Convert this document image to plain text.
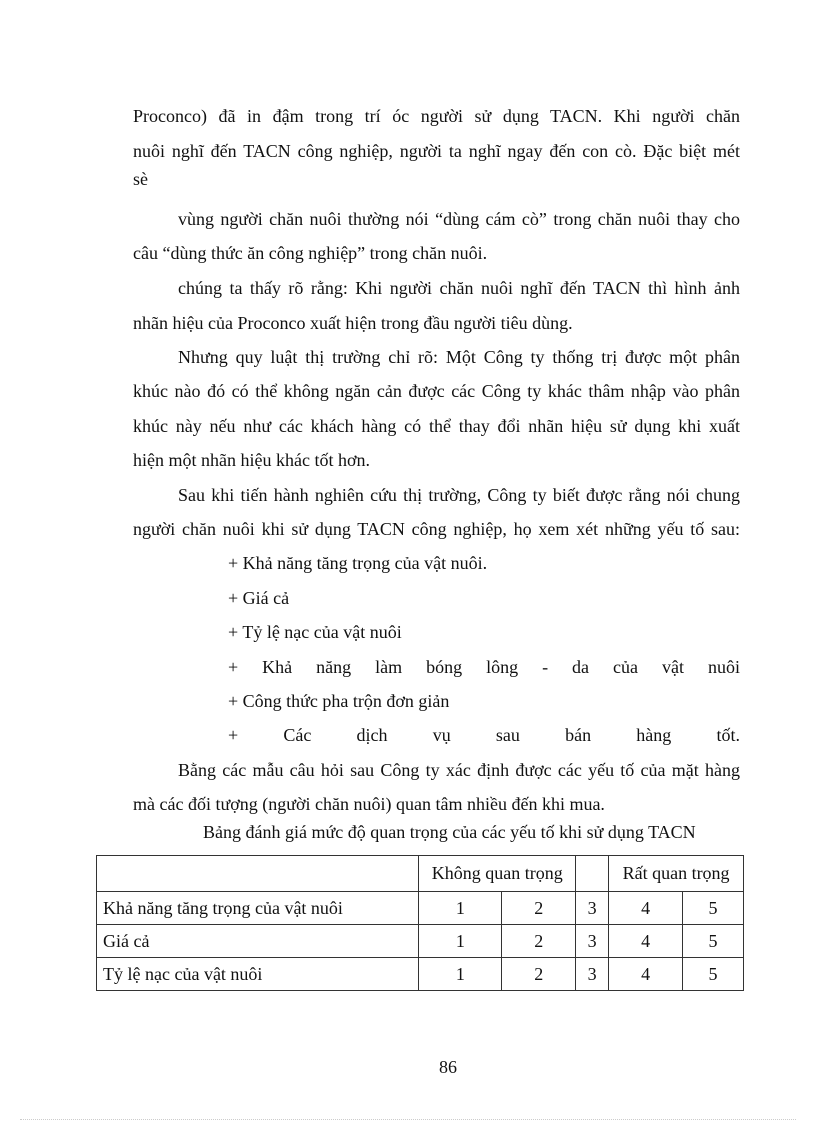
Proconco) đã in đậm trong trí óc người sử dụng TACN. Khi người chăn
nuôi nghĩ đến TACN công nghiệp, người ta nghĩ ngay đến con cò. Đặc biệt mét
sè
vùng người chăn nuôi thường nói “dùng cám cò” trong chăn nuôi thay cho
câu “dùng thức ăn công nghiệp” trong chăn nuôi.
chúng ta thấy rõ rằng: Khi người chăn nuôi nghĩ đến TACN thì hình ảnh
nhãn hiệu của Proconco xuất hiện trong đầu người tiêu dùng.
Nhưng quy luật thị trường chỉ rõ: Một Công ty thống trị được một phân
khúc nào đó có thể không ngăn cản được các Công ty khác thâm nhập vào phân
khúc này nếu như các khách hàng có thể thay đổi nhãn hiệu sử dụng khi xuất
hiện một nhãn hiệu khác tốt hơn.
Sau khi tiến hành nghiên cứu thị trường, Công ty biết được rằng nói chung
người chăn nuôi khi sử dụng TACN công nghiệp, họ xem xét những yếu tố sau:
+ Khả năng tăng trọng của vật nuôi.
+ Giá cả
+ Tỷ lệ nạc của vật nuôi
+ Khả năng làm bóng lông - da của vật nuôi
+ Công thức pha trộn đơn giản
+ Các dịch vụ sau bán hàng tốt.
Bằng các mẫu câu hỏi sau Công ty xác định được các yếu tố của mặt hàng
mà các đối tượng (người chăn nuôi) quan tâm nhiều đến khi mua.
Bảng đánh giá mức độ quan trọng của các yếu tố khi sử dụng TACN
	Không quan trọng			Rất quan trọng	
Khả năng tăng trọng của vật nuôi	1	2	3	4	5
Giá cả	1	2	3	4	5
Tỷ lệ nạc của vật nuôi	1	2	3	4	5
86
